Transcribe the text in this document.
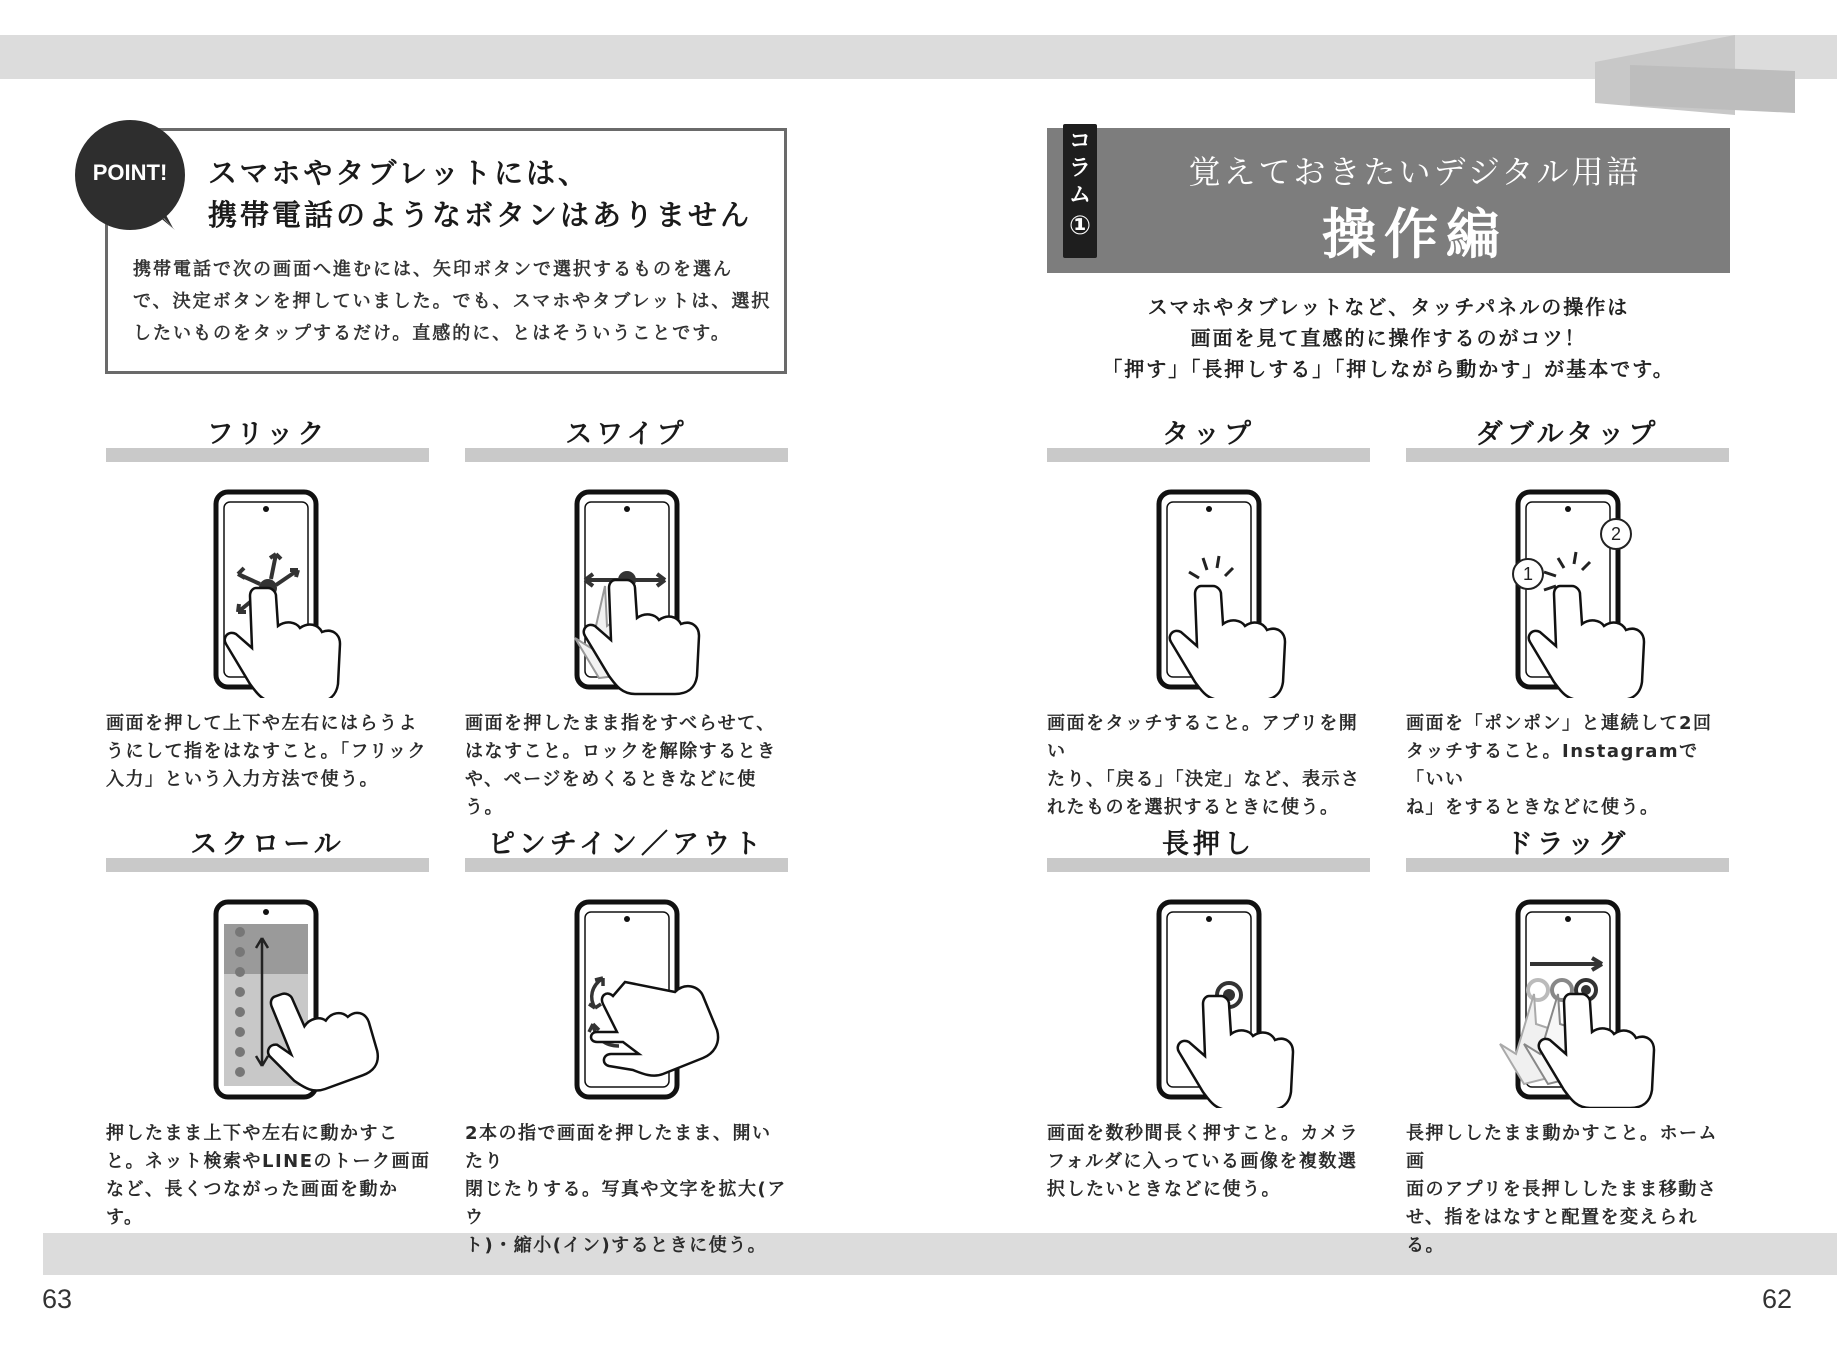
63	62
POINT!	スマホやタブレットには、
携帯電話のようなボタンはありません
携帯電話で次の画面へ進むには、矢印ボタンで選択するものを選ん
で、決定ボタンを押していました。でも、スマホやタブレットは、選択
したいものをタップするだけ。直感的に、とはそういうことです。
コ
ラ
ム
①
覚えておきたいデジタル用語
操作編
スマホやタブレットなど、タッチパネルの操作は
画面を見て直感的に操作するのがコツ！
「押す」「長押しする」「押しながら動かす」が基本です。
フリック
画面を押して上下や左右にはらうよ
うにして指をはなすこと。「フリック
入力」という入力方法で使う。
スワイプ
画面を押したまま指をすべらせて、
はなすこと。ロックを解除するとき
や、ページをめくるときなどに使う。
タップ
画面をタッチすること。アプリを開い
たり、「戻る」「決定」など、表示さ
れたものを選択するときに使う。
ダブルタップ
1
2
画面を「ポンポン」と連続して2回
タッチすること。Instagramで「いい
ね」をするときなどに使う。
スクロール
押したまま上下や左右に動かすこ
と。ネット検索やLINEのトーク画面
など、長くつながった画面を動かす。
ピンチイン／アウト
2本の指で画面を押したまま、開いたり
閉じたりする。写真や文字を拡大(アウ
ト)・縮小(イン)するときに使う。
長押し
画面を数秒間長く押すこと。カメラ
フォルダに入っている画像を複数選
択したいときなどに使う。
ドラッグ
長押ししたまま動かすこと。ホーム画
面のアプリを長押ししたまま移動さ
せ、指をはなすと配置を変えられる。
